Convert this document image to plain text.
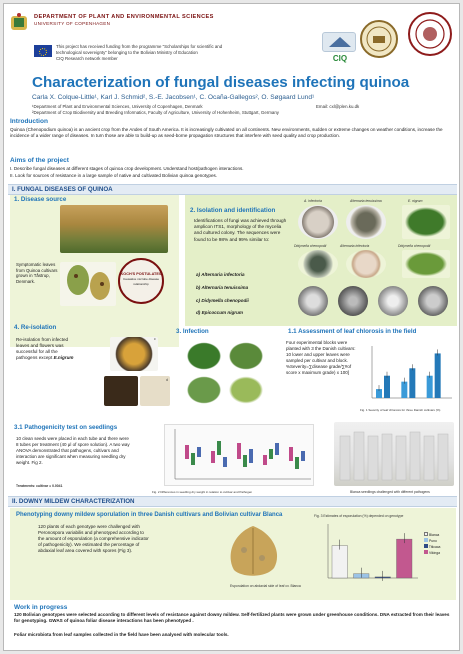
DEPARTMENT OF PLANT AND ENVIRONMENTAL SCIENCES
UNIVERSITY OF COPENHAGEN
This project has received funding from the programme “Scholarships for scientific and
technological sovereignty” belonging to the Bolivian Ministry of Education
CIQ Research network member	CIQ
Characterization of fungal diseases infecting quinoa
Carla X. Colque-Little¹, Karl J. Schmid², S.-E. Jacobsen¹, C. Ocaña-Gallegos², O. Søgaard Lund¹
¹Department of Plant and Environmental Sciences, University of Copenhagen, Denmark
²Department of Crop Biodiversity and Breeding Informatics, Faculty of Agriculture, University of Hohenheim, Stuttgart, Germany
Email: cxl@plen.ku.dk
Introduction
Quinoa (Chenopodium quinoa) is an ancient crop from the Andes of South America. It is increasingly cultivated on all continents. New environments, sudden or extreme changes on weather conditions, increase the incidence of a wider range of diseases. In turn those are able to build-up as seed-borne propagation structures that interfere with seed quality and crop production.
Aims of the project
I. Describe fungal diseases at different stages of quinoa crop development. Understand host/pathogen interactions.
II. Look for sources of resistance in a large sample of native and cultivated Bolivian quinoa genotypes.
I. FUNGAL DISEASES OF QUINOA
1. Disease source
Symptomatic leaves from Quinoa cultivars grown in Tåstrup, Denmark.
KOCH'S POSTULATES
Causative microbe disease relationship
2. Isolation and identification
Identifications of fungi was achieved through amplicon ITS1, morphology of the mycelia and cultured colony. The sequences were found to be 98% and 99% similar to:
a) Alternaria infectoria
b) Alternaria tenuissima
c) Didymella chenopodii
d) Epicoccum nigrum
A. infectoria	Alternaria tenuissima	E. nigrum
Didymella chenopodii	Alternaria infectoria	Didymella chenopodii
4. Re-isolation
Re-isolation from infected leaves and flowers was successful for all the pathogens except E.nigrum
c
d
3. Infection	1.1 Assessment of leaf chlorosis in the field
Four experimental blocks were planted with 3 the Danish cultivars: 10 lower and upper leaves were sampled per cultivar and block. %Severity=∑disease grade/∑#of score x maximum grade) x 100]
Fig. 1 Severity of leaf chlorosis for three Danish cultivars (%)
3.1 Pathogenicity test on seedlings
10 clean seeds were placed in each tube and there were 8 tubes per treatment (40 μl of spore solution). A two way ANOVA demonstrated that pathogens, cultivars and interaction are significant when measuring seedling dry weight. Fig 2.
Treatments: cultivar = 0.0041
Fig. 2 Differences in seedling dry weight in relation to cultivar and Pathogen	Blanca seedlings challenged with different pathogens
II. DOWNY MILDEW CHARACTERIZATION
Phenotyping downy mildew sporulation in three Danish cultivars and Bolivian cultivar Blanca
120 plants of each genotype were challenged with Peronospora variabilis and phenotyped according to the amount of esporulation (a comprehensive indicator of pathogenicity). We estimated the percentage of abdaxial leaf area covered with spores (Fig 3).
Esporulation on abdaxial side of leaf cv. Blanca
Fig. 3 Estimates of esporulation (%) depended on genotype
Blanca
Puno
Titicaca
Vikinga
Work in progress
120 Bolivian genotypes were selected according to different levels of resistance against downy mildew. Self-fertilized plants were grown under greenhouse conditions. DNA extracted from their leaves for genotyping. GWAS of quinoa foliar disease interactions has been phenotyped .
Foliar microbiota from leaf samples collected in the field have been analysed with molecular tools.
